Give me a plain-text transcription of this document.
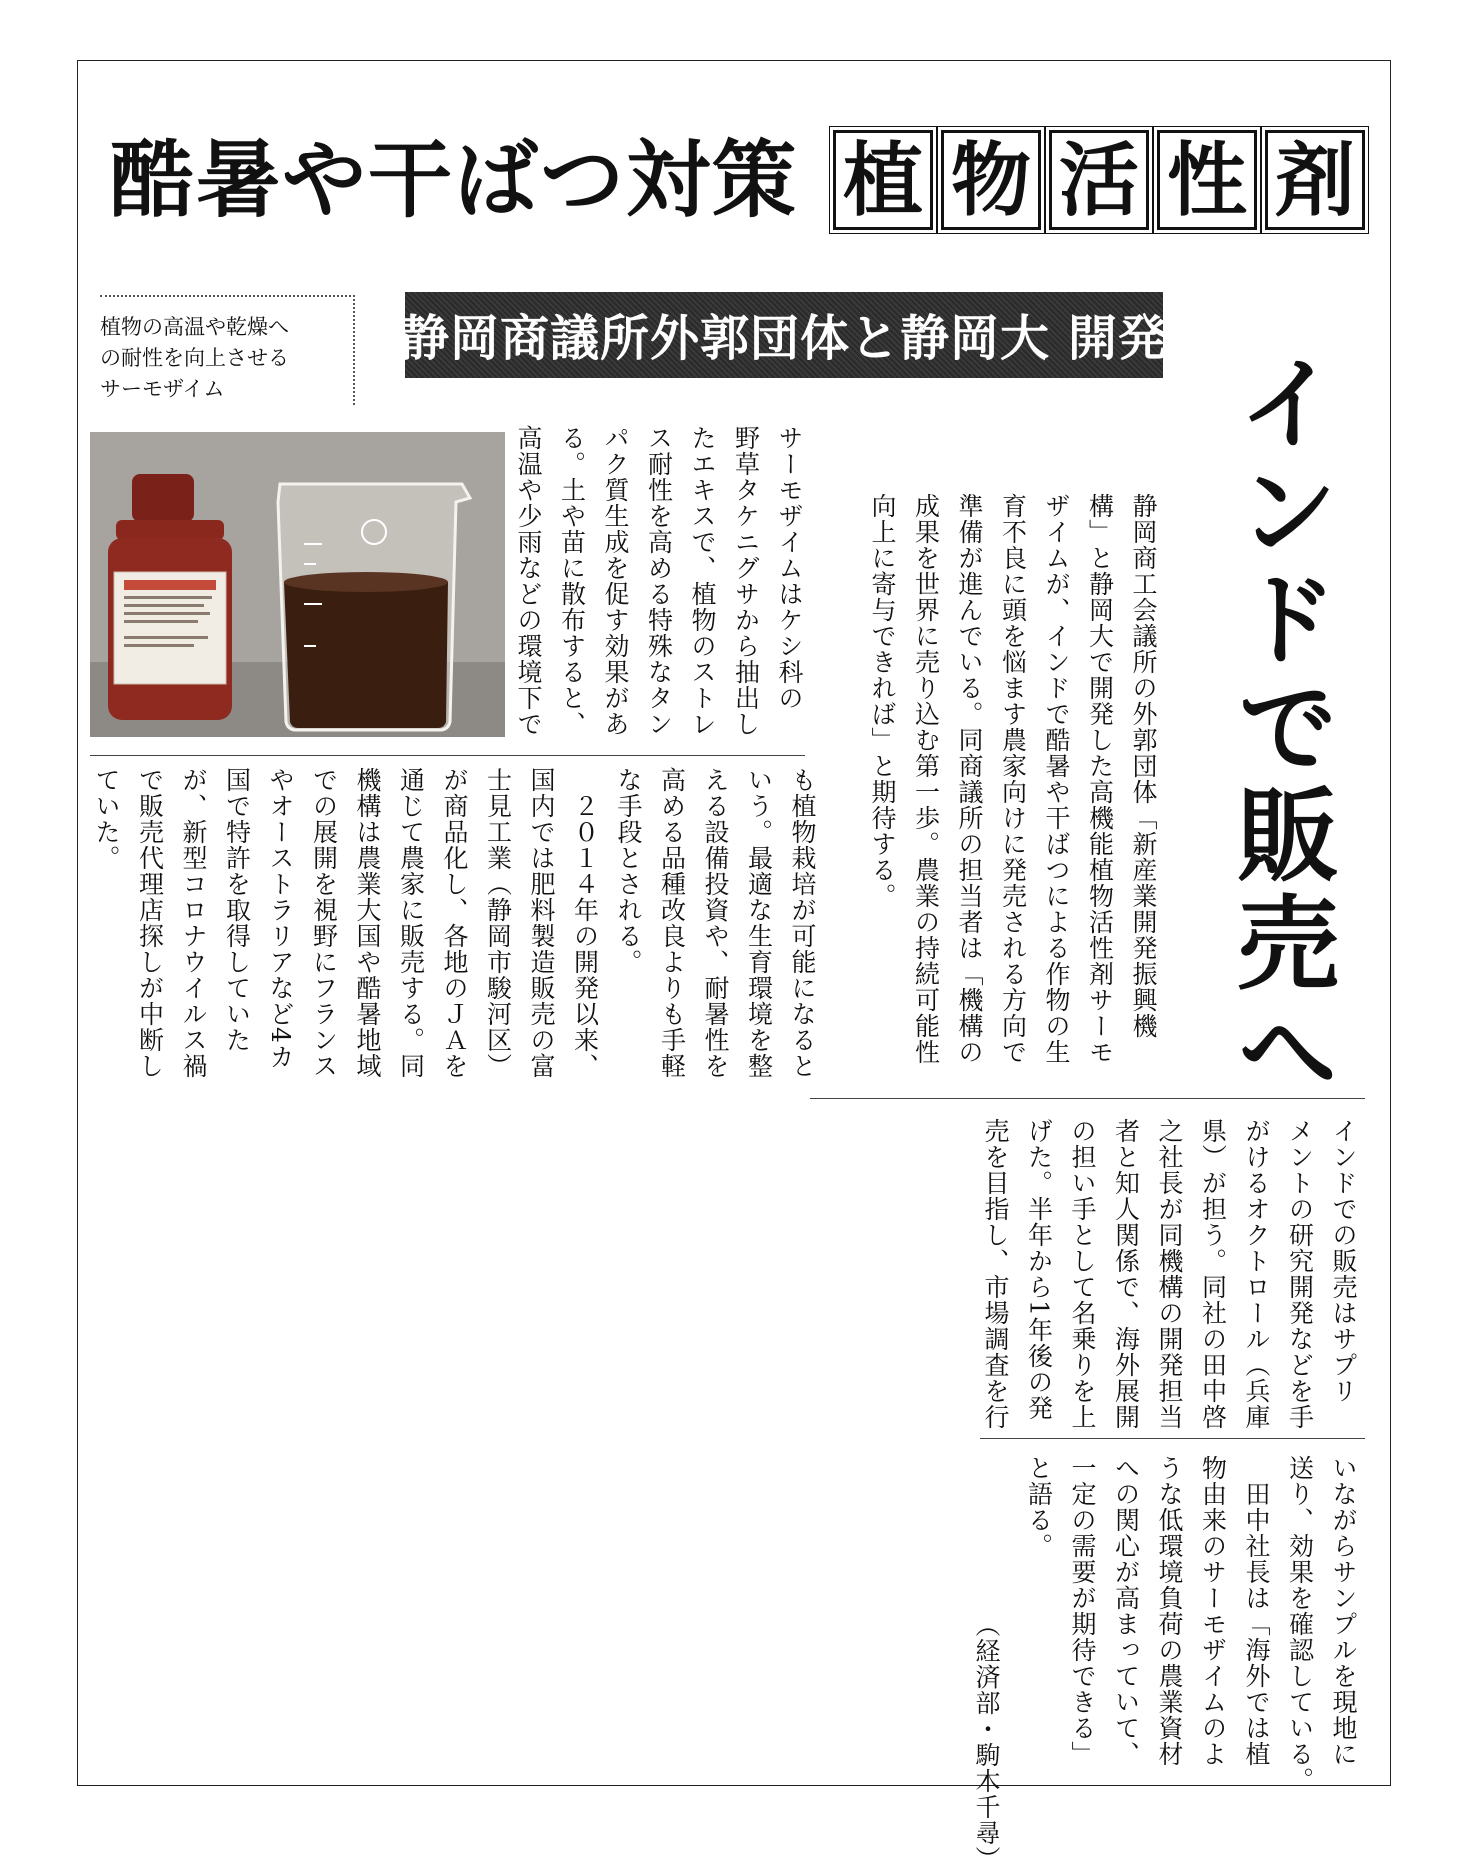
酷暑や干ばつ対策 植 物 活 性 剤
静岡商議所外郭団体と静岡大 開発
植物の高温や乾燥へ
の耐性を向上させる
サーモザイム	インドで販売へ
静岡商工会議所の外郭団体「新産業開発振興機
構」と静岡大で開発した高機能植物活性剤サーモ
ザイムが、インドで酷暑や干ばつによる作物の生
育不良に頭を悩ます農家向けに発売される方向で
準備が進んでいる。同商議所の担当者は「機構の
成果を世界に売り込む第一歩。農業の持続可能性
向上に寄与できれば」と期待する。
サーモザイムはケシ科の
野草タケニグサから抽出し
たエキスで、植物のストレ
ス耐性を高める特殊なタン
パク質生成を促す効果があ
る。土や苗に散布すると、
高温や少雨などの環境下で
も植物栽培が可能になると
いう。最適な生育環境を整
える設備投資や、耐暑性を
高める品種改良よりも手軽
な手段とされる。
　２０１４年の開発以来、
国内では肥料製造販売の富
士見工業（静岡市駿河区）
が商品化し、各地のＪＡを
通じて農家に販売する。同
機構は農業大国や酷暑地域
での展開を視野にフランス
やオーストラリアなど4カ
国で特許を取得していた
が、新型コロナウイルス禍
で販売代理店探しが中断し
ていた。
インドでの販売はサプリ
メントの研究開発などを手
がけるオクトロール（兵庫
県）が担う。同社の田中啓
之社長が同機構の開発担当
者と知人関係で、海外展開
の担い手として名乗りを上
げた。半年から1年後の発
売を目指し、市場調査を行
いながらサンプルを現地に
送り、効果を確認している。
　田中社長は「海外では植
物由来のサーモザイムのよ
うな低環境負荷の農業資材
への関心が高まっていて、
一定の需要が期待できる」
と語る。
（経済部・駒木千尋）
